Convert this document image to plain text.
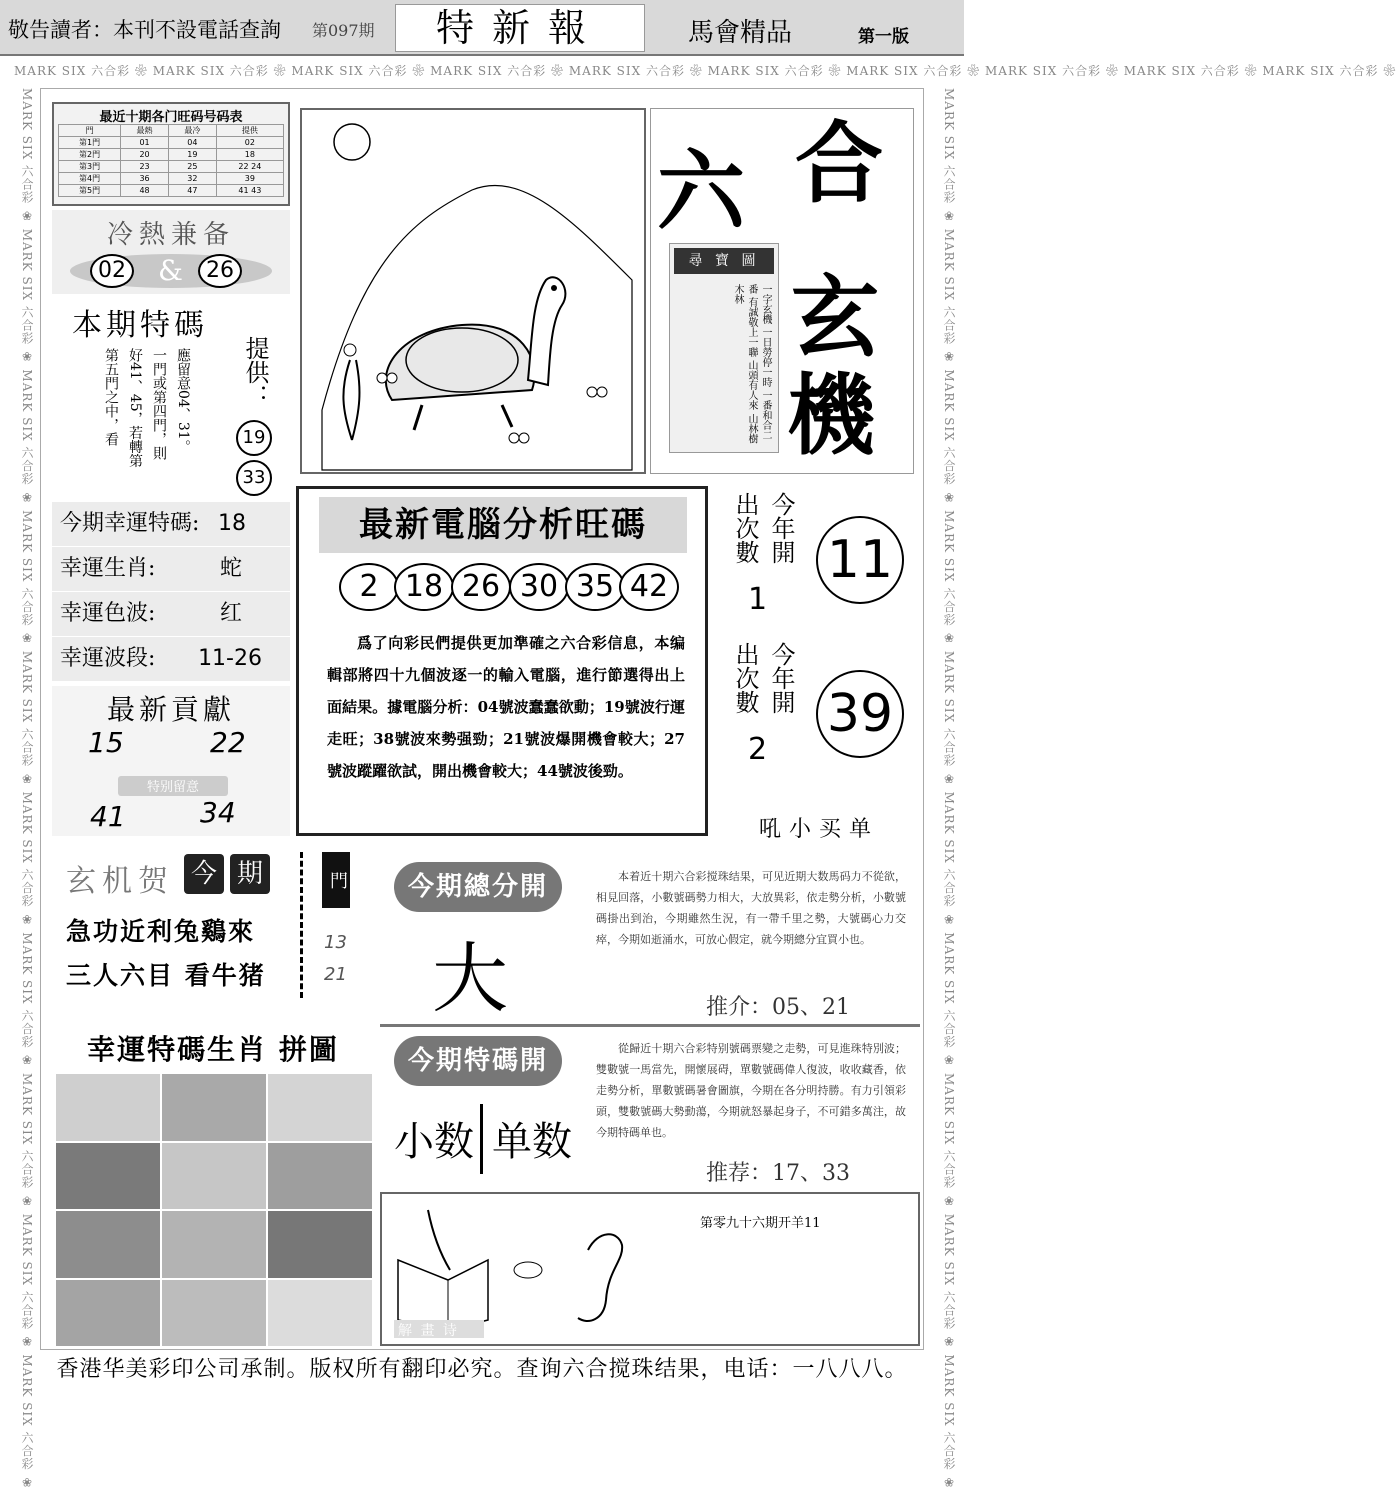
敬告讀者：本刊不設電話查詢 第097期	特新報	馬會精品	第一版
MARK SIX 六合彩 ❀ MARK SIX 六合彩 ❀ MARK SIX 六合彩 ❀ MARK SIX 六合彩 ❀ MARK SIX 六合彩 ❀ MARK SIX 六合彩 ❀ MARK SIX 六合彩 ❀ MARK SIX 六合彩 ❀ MARK SIX 六合彩 ❀ MARK SIX 六合彩 ❀
MARK SIX 六合彩 ❀ MARK SIX 六合彩 ❀ MARK SIX 六合彩 ❀ MARK SIX 六合彩 ❀ MARK SIX 六合彩 ❀ MARK SIX 六合彩 ❀ MARK SIX 六合彩 ❀ MARK SIX 六合彩 ❀ MARK SIX 六合彩 ❀ MARK SIX 六合彩 ❀	MARK SIX 六合彩 ❀ MARK SIX 六合彩 ❀ MARK SIX 六合彩 ❀ MARK SIX 六合彩 ❀ MARK SIX 六合彩 ❀ MARK SIX 六合彩 ❀ MARK SIX 六合彩 ❀ MARK SIX 六合彩 ❀ MARK SIX 六合彩 ❀ MARK SIX 六合彩 ❀
最近十期各门旺码号码表
門	最熱	最冷	提供
第1門	01	04	02
第2門	20	19	18
第3門	23	25	22 24
第4門	36	32	39
第5門	48	47	41 43
冷熱兼备
02 &	26
本期特碼
應留意04、31。
一門或第四門，則
好41、45，若轉第
第五門之中，看	提供：
19
33
今期幸運特碼: 18
幸運生肖:	蛇
幸運色波:	红
幸運波段: 11-26
最新貢獻
15	22
特别留意
41	34
玄机贺 今 期
急功近利兔鷄來
三人六目 看牛猪
門
13
21
幸運特碼生肖 拼圖
六 合
玄
機
尋 寶 圖
一字玄機 一日勞停一時 一番和合二番 有誠敬上一聯 山頭有人來 山林樹木林
最新電腦分析旺碼
2 18 26 30 35 42
爲了向彩民們提供更加準確之六合彩信息，本编輯部將四十九個波逐一的輸入電腦，進行節選得出上面結果。據電腦分析：04號波蠢蠢欲動；19號波行運走旺；38號波來勢强勁；21號波爆開機會較大；27號波蹤躍欲試，開出機會較大；44號波後勁。
今年開
出次數
1
11
今年開
出次數
2
39
吼小买单
今期總分開
大
本着近十期六合彩搅珠结果，可见近期大数馬码力不從欲，相見回落，小數號碼勢力相大，大放異彩，依走勢分析，小數號碼掛出到治，今期雖然生況，有一帶千里之勢，大號碼心力交瘁，今期如逝涌水，可放心假定，就今期總分宜買小也。
推介：05、21
今期特碼開
小数 单数
從歸近十期六合彩特别號碼票變之走勢，可見進珠特別波；雙數號一馬當先，開懷展碍，單數號碼偉人復波，收收藏香，依走勢分析，單數號碼暑會圖旗，今期在各分明持勝。有力引領彩頭，雙數號碼大勢動蕩，今期就怒暴起身子，不可錯多萬注，故今期特碼单也。
推荐：17、33
解 畫 诗
第零九十六期开羊11
香港华美彩印公司承制。版权所有翻印必究。查询六合搅珠结果，电话：一八八八。
